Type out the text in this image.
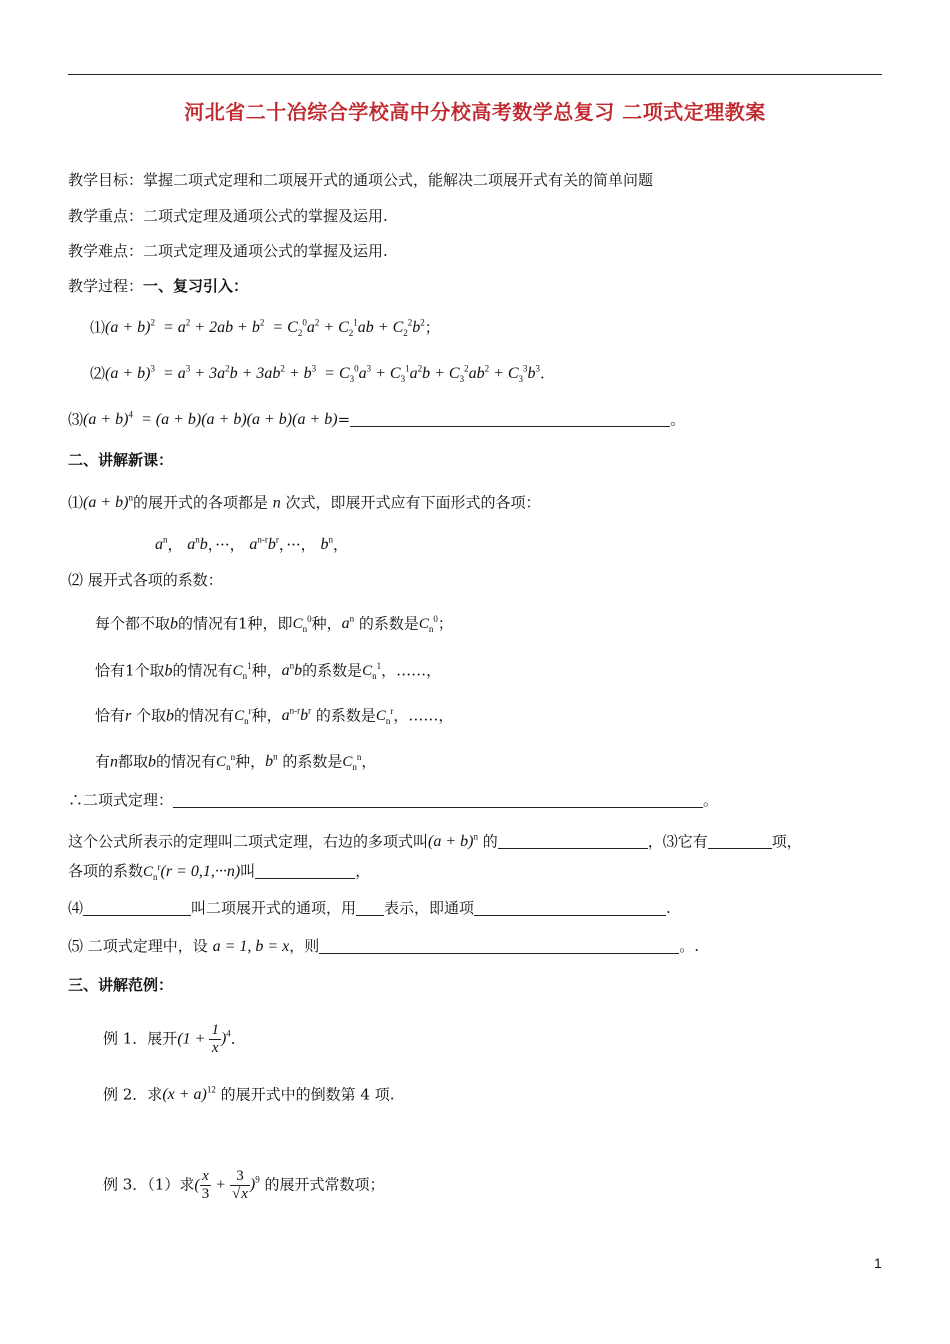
河北省二十冶综合学校高中分校高考数学总复习 二项式定理教案
教学目标：掌握二项式定理和二项展开式的通项公式，能解决二项展开式有关的简单问题
教学重点：二项式定理及通项公式的掌握及运用.
教学难点：二项式定理及通项公式的掌握及运用.
教学过程：一、复习引入：
⑴(a + $b)^2 = a^2 + 2ab + b^2 = C_2^0a^2 + C_2^1ab + C_2^2b^2$；
⑵(a + $b)^3 = a^3 + 3a^2b + 3ab^2 + b^3 = C_3^0a^3 + C_3^1a^2b + C_3^2ab^2 + C_3^3b^3$.
⑶(a + b)$^4$  = (a + b)(a + b)(a + b)(a + b)=	。
二、讲解新课：
⑴(a + b)$^n$的展开式的各项都是 n 次式，即展开式应有下面形式的各项：
$a^n$， $a^nb$，···， $a^{n-r}b^r$，···， $b^n$，
⑵ 展开式各项的系数：
每个都不取b的情况有1种，即$C_n^0$种，$a^n$ 的系数是$C_n^0$；
恰有1个取b的情况有$C_n^1$种，$a^nb$的系数是$C_n^1$，……，
恰有r 个取b的情况有$C_n^r$种，$a^{n-r}b^r$ 的系数是$C_n^r$，……，
有n都取b的情况有$C_n^n$种，$b^n$ 的系数是$C_n^n$，
∴二项式定理：	。
这个公式所表示的定理叫二项式定理，右边的多项式叫$(a + b)^n$ 的	，⑶它有	项，
各项的系数$C_n^r(r = 0,1,\cdot\cdot\cdot n)$叫	，
⑷	叫二项展开式的通项，用 表示，即通项	.
⑸ 二项式定理中，设 a = 1, b = x，则	。.
三、讲解范例：
例 1．展开$(1 + \frac{1}{x} )^4$．
例 2．求$(x + a)^{12}$ 的展开式中的倒数第 4 项.
例 3．（1）求( $\frac{x}{3} + \frac{3}{√x} )^9$ 的展开式常数项；
1
